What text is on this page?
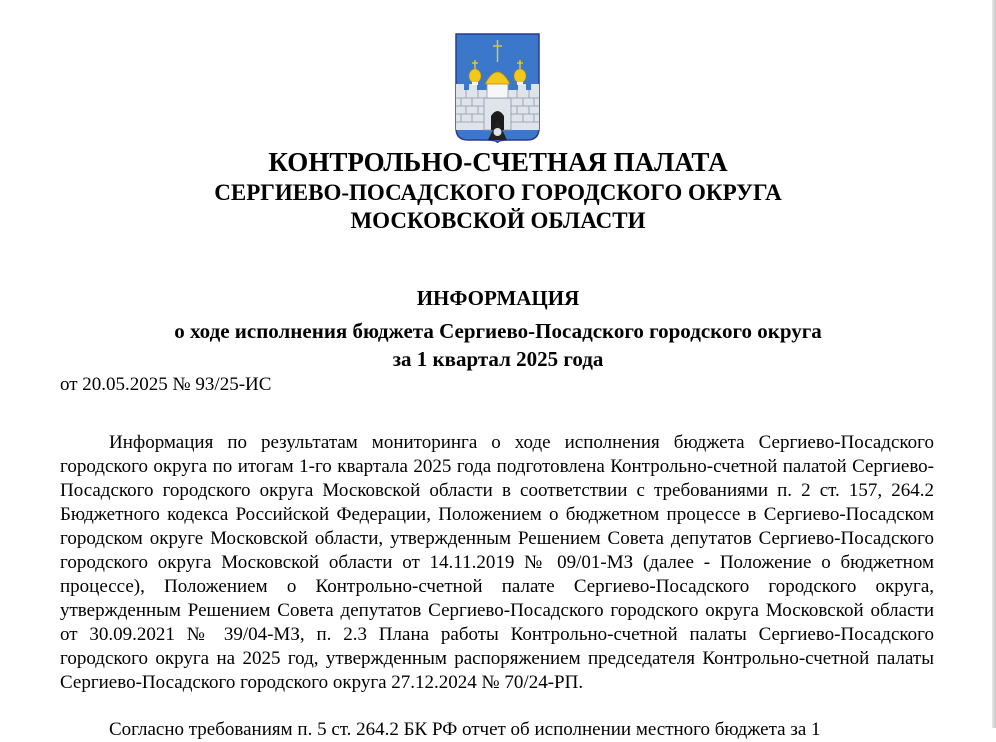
КОНТРОЛЬНО-СЧЕТНАЯ ПАЛАТА
СЕРГИЕВО-ПОСАДСКОГО ГОРОДСКОГО ОКРУГА
МОСКОВСКОЙ ОБЛАСТИ
ИНФОРМАЦИЯ
о ходе исполнения бюджета Сергиево-Посадского городского округа
за 1 квартал 2025 года
от 20.05.2025 № 93/25-ИС

Информация по результатам мониторинга о ходе исполнения бюджета Сергиево-Посадского городского округа по итогам 1-го квартала 2025 года подготовлена Контрольно-счетной палатой Сергиево-Посадского городского округа Московской области в соответствии с требованиями п. 2 ст. 157, 264.2 Бюджетного кодекса Российской Федерации, Положением о бюджетном процессе в Сергиево-Посадском городском округе Московской области, утвержденным Решением Совета депутатов Сергиево-Посадского городского округа Московской области от 14.11.2019 № 09/01-МЗ (далее - Положение о бюджетном процессе), Положением о Контрольно-счетной палате Сергиево-Посадского городского округа, утвержденным Решением Совета депутатов Сергиево-Посадского городского округа Московской области от 30.09.2021 № 39/04-МЗ, п. 2.3 Плана работы Контрольно-счетной палаты Сергиево-Посадского городского округа на 2025 год, утвержденным распоряжением председателя Контрольно-счетной палаты Сергиево-Посадского городского округа 27.12.2024 № 70/24-РП.

Согласно требованиям п. 5 ст. 264.2 БК РФ отчет об исполнении местного бюджета за 1
